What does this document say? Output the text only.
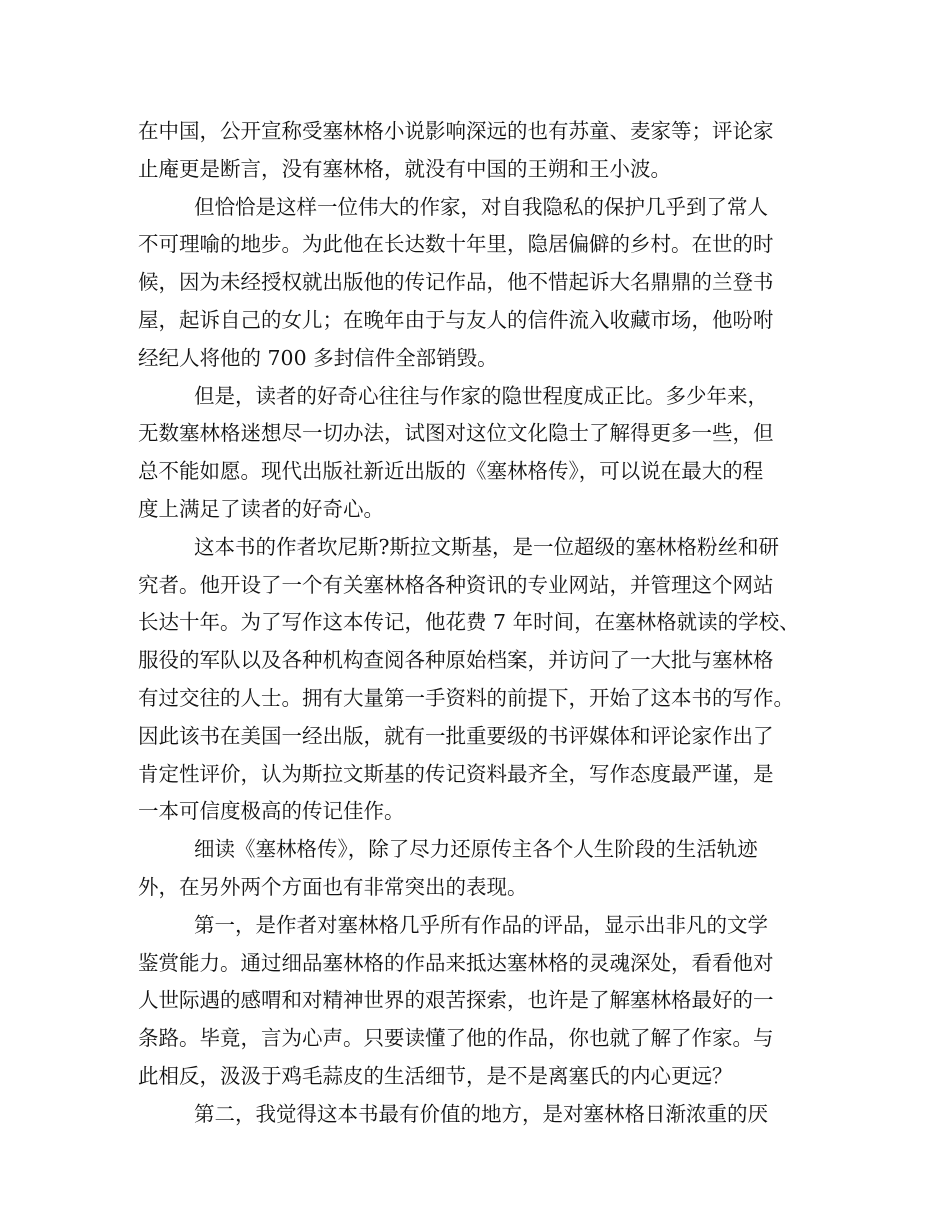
在中国，公开宣称受塞林格小说影响深远的也有苏童、麦家等；评论家
止庵更是断言，没有塞林格，就没有中国的王朔和王小波。
但恰恰是这样一位伟大的作家，对自我隐私的保护几乎到了常人
不可理喻的地步。为此他在长达数十年里，隐居偏僻的乡村。在世的时
候，因为未经授权就出版他的传记作品，他不惜起诉大名鼎鼎的兰登书
屋，起诉自己的女儿；在晚年由于与友人的信件流入收藏市场，他吩咐
经纪人将他的 700 多封信件全部销毁。
但是，读者的好奇心往往与作家的隐世程度成正比。多少年来，
无数塞林格迷想尽一切办法，试图对这位文化隐士了解得更多一些，但
总不能如愿。现代出版社新近出版的《塞林格传》，可以说在最大的程
度上满足了读者的好奇心。
这本书的作者坎尼斯?斯拉文斯基，是一位超级的塞林格粉丝和研
究者。他开设了一个有关塞林格各种资讯的专业网站，并管理这个网站
长达十年。为了写作这本传记，他花费 7 年时间，在塞林格就读的学校、
服役的军队以及各种机构查阅各种原始档案，并访问了一大批与塞林格
有过交往的人士。拥有大量第一手资料的前提下，开始了这本书的写作。
因此该书在美国一经出版，就有一批重要级的书评媒体和评论家作出了
肯定性评价，认为斯拉文斯基的传记资料最齐全，写作态度最严谨，是
一本可信度极高的传记佳作。
细读《塞林格传》，除了尽力还原传主各个人生阶段的生活轨迹
外，在另外两个方面也有非常突出的表现。
第一，是作者对塞林格几乎所有作品的评品，显示出非凡的文学
鉴赏能力。通过细品塞林格的作品来抵达塞林格的灵魂深处，看看他对
人世际遇的感喟和对精神世界的艰苦探索，也许是了解塞林格最好的一
条路。毕竟，言为心声。只要读懂了他的作品，你也就了解了作家。与
此相反，汲汲于鸡毛蒜皮的生活细节，是不是离塞氏的内心更远？
第二，我觉得这本书最有价值的地方，是对塞林格日渐浓重的厌
